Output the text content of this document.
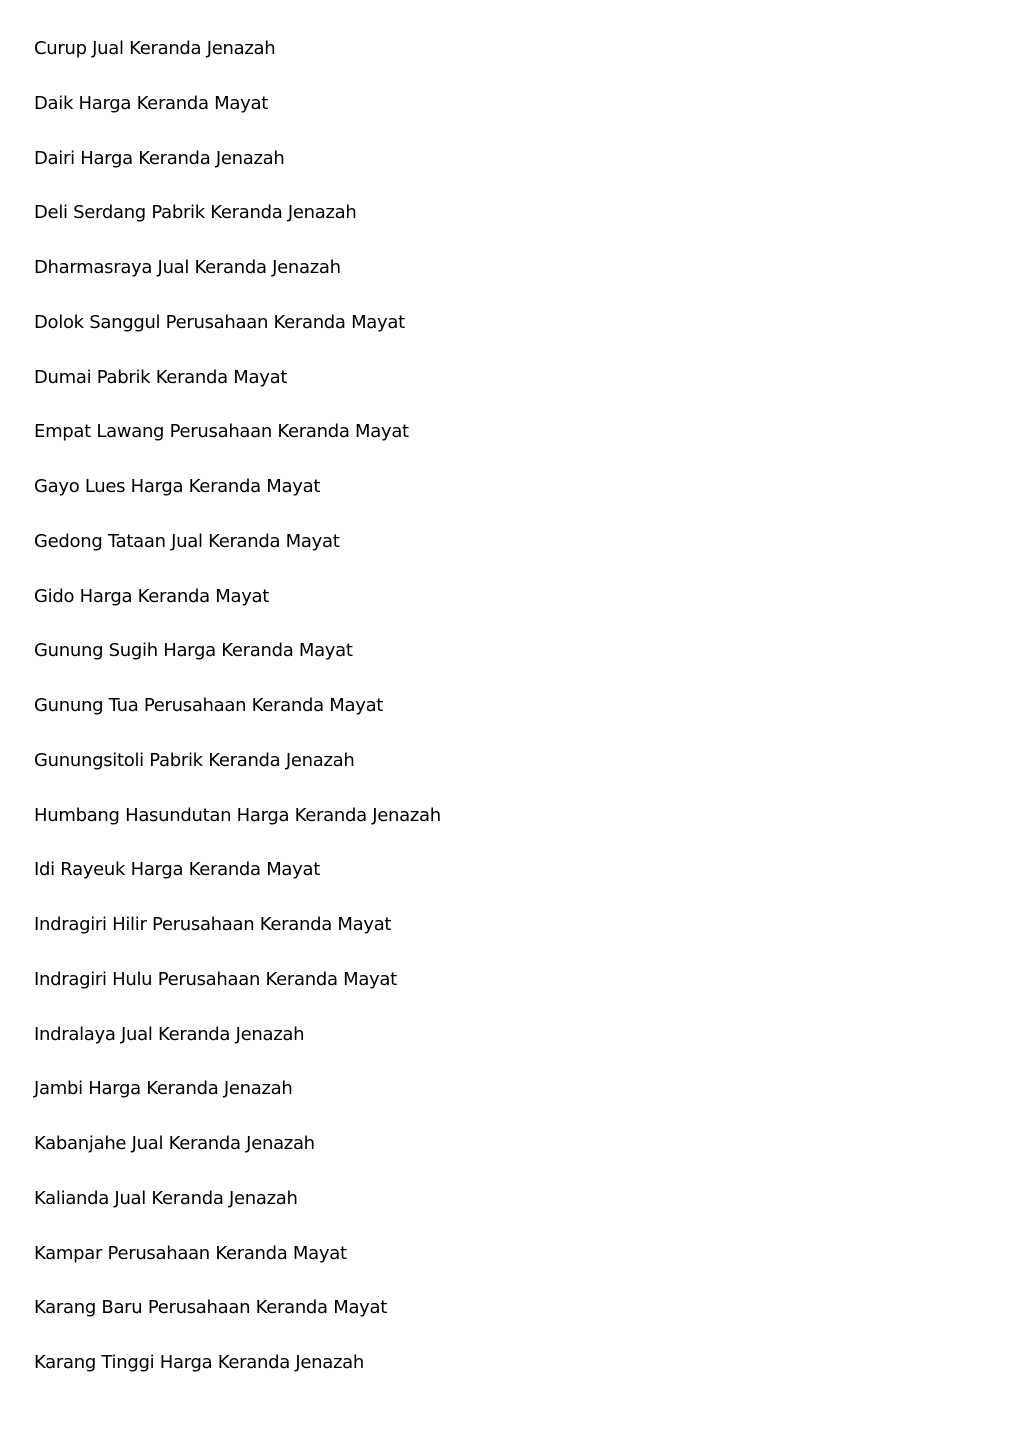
Curup Jual Keranda Jenazah
Daik Harga Keranda Mayat
Dairi Harga Keranda Jenazah
Deli Serdang Pabrik Keranda Jenazah
Dharmasraya Jual Keranda Jenazah
Dolok Sanggul Perusahaan Keranda Mayat
Dumai Pabrik Keranda Mayat
Empat Lawang Perusahaan Keranda Mayat
Gayo Lues Harga Keranda Mayat
Gedong Tataan Jual Keranda Mayat
Gido Harga Keranda Mayat
Gunung Sugih Harga Keranda Mayat
Gunung Tua Perusahaan Keranda Mayat
Gunungsitoli Pabrik Keranda Jenazah
Humbang Hasundutan Harga Keranda Jenazah
Idi Rayeuk Harga Keranda Mayat
Indragiri Hilir Perusahaan Keranda Mayat
Indragiri Hulu Perusahaan Keranda Mayat
Indralaya Jual Keranda Jenazah
Jambi Harga Keranda Jenazah
Kabanjahe Jual Keranda Jenazah
Kalianda Jual Keranda Jenazah
Kampar Perusahaan Keranda Mayat
Karang Baru Perusahaan Keranda Mayat
Karang Tinggi Harga Keranda Jenazah
